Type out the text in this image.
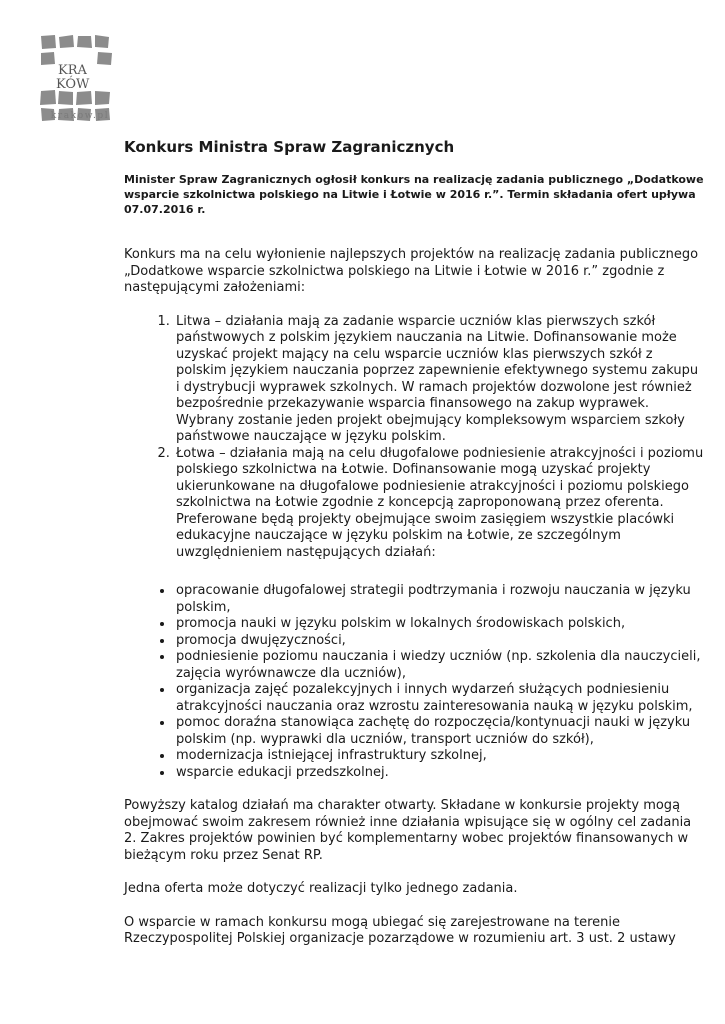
KRA
KÓW
krakow.pl
Konkurs Ministra Spraw Zagranicznych

Minister Spraw Zagranicznych ogłosił konkurs na realizację zadania publicznego „Dodatkowe wsparcie szkolnictwa polskiego na Litwie i Łotwie w 2016 r.”. Termin składania ofert upływa 07.07.2016 r.

Konkurs ma na celu wyłonienie najlepszych projektów na realizację zadania publicznego „Dodatkowe wsparcie szkolnictwa polskiego na Litwie i Łotwie w 2016 r.” zgodnie z następującymi założeniami:

1. Litwa – działania mają za zadanie wsparcie uczniów klas pierwszych szkół państwowych z polskim językiem nauczania na Litwie. Dofinansowanie może uzyskać projekt mający na celu wsparcie uczniów klas pierwszych szkół z polskim językiem nauczania poprzez zapewnienie efektywnego systemu zakupu i dystrybucji wyprawek szkolnych. W ramach projektów dozwolone jest również bezpośrednie przekazywanie wsparcia finansowego na zakup wyprawek. Wybrany zostanie jeden projekt obejmujący kompleksowym wsparciem szkoły państwowe nauczające w języku polskim.
2. Łotwa – działania mają na celu długofalowe podniesienie atrakcyjności i poziomu polskiego szkolnictwa na Łotwie. Dofinansowanie mogą uzyskać projekty ukierunkowane na długofalowe podniesienie atrakcyjności i poziomu polskiego szkolnictwa na Łotwie zgodnie z koncepcją zaproponowaną przez oferenta. Preferowane będą projekty obejmujące swoim zasięgiem wszystkie placówki edukacyjne nauczające w języku polskim na Łotwie, ze szczególnym uwzględnieniem następujących działań:
• opracowanie długofalowej strategii podtrzymania i rozwoju nauczania w języku polskim,
• promocja nauki w języku polskim w lokalnych środowiskach polskich,
• promocja dwujęzyczności,
• podniesienie poziomu nauczania i wiedzy uczniów (np. szkolenia dla nauczycieli, zajęcia wyrównawcze dla uczniów),
• organizacja zajęć pozalekcyjnych i innych wydarzeń służących podniesieniu atrakcyjności nauczania oraz wzrostu zainteresowania nauką w języku polskim,
• pomoc doraźna stanowiąca zachętę do rozpoczęcia/kontynuacji nauki w języku polskim (np. wyprawki dla uczniów, transport uczniów do szkół),
• modernizacja istniejącej infrastruktury szkolnej,
• wsparcie edukacji przedszkolnej.

Powyższy katalog działań ma charakter otwarty. Składane w konkursie projekty mogą obejmować swoim zakresem również inne działania wpisujące się w ogólny cel zadania 2. Zakres projektów powinien być komplementarny wobec projektów finansowanych w bieżącym roku przez Senat RP.

Jedna oferta może dotyczyć realizacji tylko jednego zadania.

O wsparcie w ramach konkursu mogą ubiegać się zarejestrowane na terenie Rzeczypospolitej Polskiej organizacje pozarządowe w rozumieniu art. 3 ust. 2 ustawy
